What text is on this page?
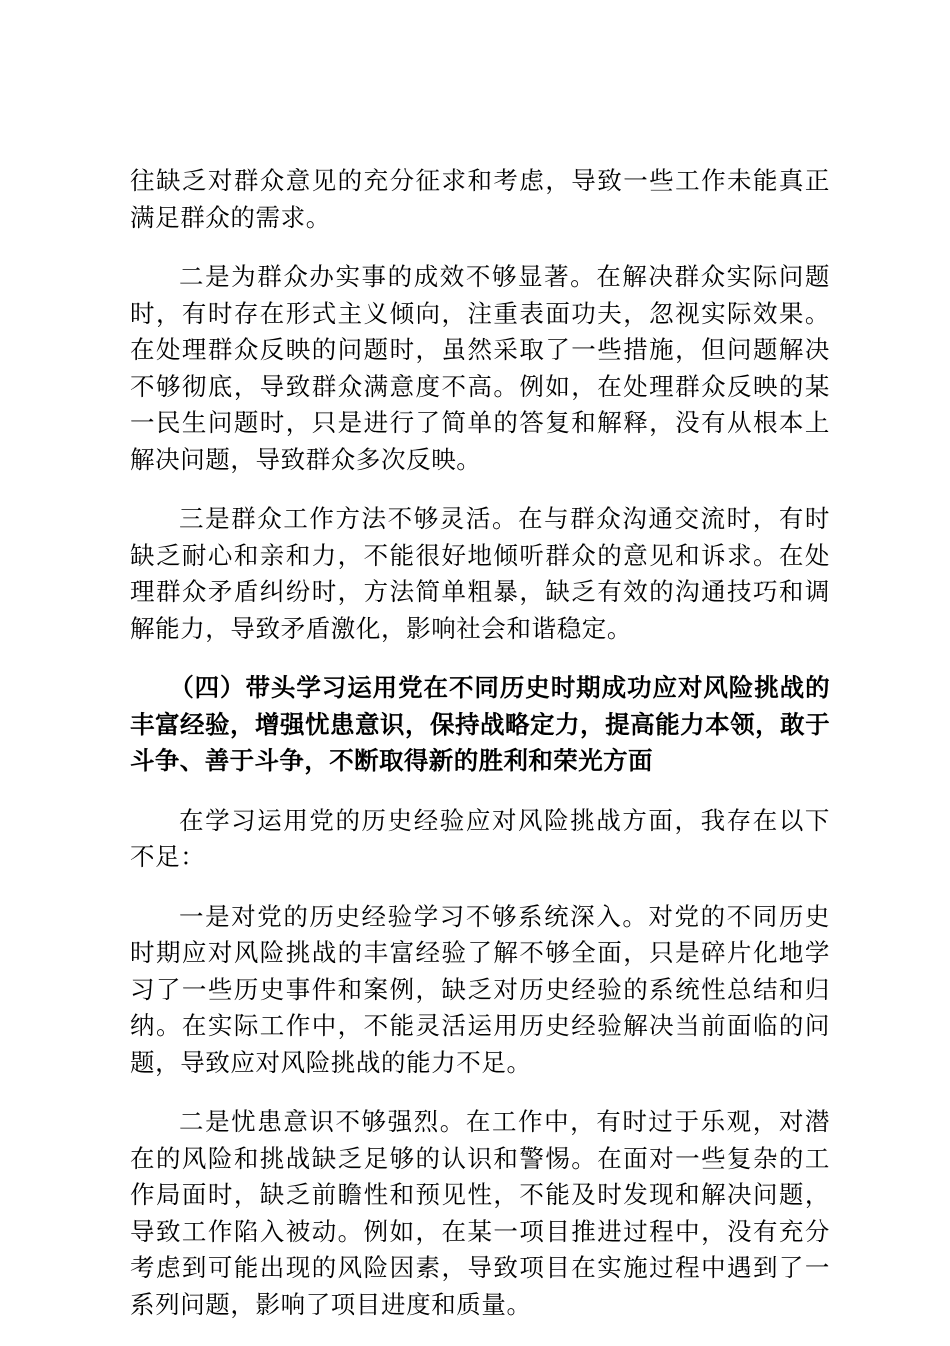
往缺乏对群众意见的充分征求和考虑，导致一些工作未能真正满足群众的需求。

二是为群众办实事的成效不够显著。在解决群众实际问题时，有时存在形式主义倾向，注重表面功夫，忽视实际效果。在处理群众反映的问题时，虽然采取了一些措施，但问题解决不够彻底，导致群众满意度不高。例如，在处理群众反映的某一民生问题时，只是进行了简单的答复和解释，没有从根本上解决问题，导致群众多次反映。

三是群众工作方法不够灵活。在与群众沟通交流时，有时缺乏耐心和亲和力，不能很好地倾听群众的意见和诉求。在处理群众矛盾纠纷时，方法简单粗暴，缺乏有效的沟通技巧和调解能力，导致矛盾激化，影响社会和谐稳定。

（四）带头学习运用党在不同历史时期成功应对风险挑战的丰富经验，增强忧患意识，保持战略定力，提高能力本领，敢于斗争、善于斗争，不断取得新的胜利和荣光方面

在学习运用党的历史经验应对风险挑战方面，我存在以下不足：

一是对党的历史经验学习不够系统深入。对党的不同历史时期应对风险挑战的丰富经验了解不够全面，只是碎片化地学习了一些历史事件和案例，缺乏对历史经验的系统性总结和归纳。在实际工作中，不能灵活运用历史经验解决当前面临的问题，导致应对风险挑战的能力不足。

二是忧患意识不够强烈。在工作中，有时过于乐观，对潜在的风险和挑战缺乏足够的认识和警惕。在面对一些复杂的工作局面时，缺乏前瞻性和预见性，不能及时发现和解决问题，导致工作陷入被动。例如，在某一项目推进过程中，没有充分考虑到可能出现的风险因素，导致项目在实施过程中遇到了一系列问题，影响了项目进度和质量。
